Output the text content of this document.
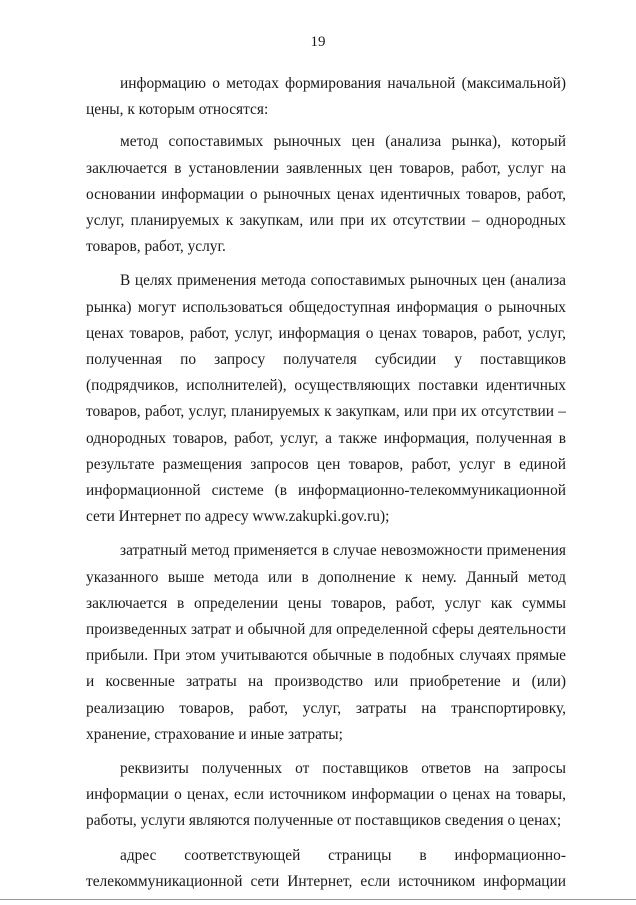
19

информацию о методах формирования начальной (максимальной) цены, к которым относятся:

метод сопоставимых рыночных цен (анализа рынка), который заключается в установлении заявленных цен товаров, работ, услуг на основании информации о рыночных ценах идентичных товаров, работ, услуг, планируемых к закупкам, или при их отсутствии – однородных товаров, работ, услуг.

В целях применения метода сопоставимых рыночных цен (анализа рынка) могут использоваться общедоступная информация о рыночных ценах товаров, работ, услуг, информация о ценах товаров, работ, услуг, полученная по запросу получателя субсидии у поставщиков (подрядчиков, исполнителей), осуществляющих поставки идентичных товаров, работ, услуг, планируемых к закупкам, или при их отсутствии – однородных товаров, работ, услуг, а также информация, полученная в результате размещения запросов цен товаров, работ, услуг в единой информационной системе (в информационно-телекоммуникационной сети Интернет по адресу www.zakupki.gov.ru);

затратный метод применяется в случае невозможности применения указанного выше метода или в дополнение к нему. Данный метод заключается в определении цены товаров, работ, услуг как суммы произведенных затрат и обычной для определенной сферы деятельности прибыли. При этом учитываются обычные в подобных случаях прямые и косвенные затраты на производство или приобретение и (или) реализацию товаров, работ, услуг, затраты на транспортировку, хранение, страхование и иные затраты;

реквизиты полученных от поставщиков ответов на запросы информации о ценах, если источником информации о ценах на товары, работы, услуги являются полученные от поставщиков сведения о ценах;

адрес соответствующей страницы в информационно-телекоммуникационной сети Интернет, если источником информации
